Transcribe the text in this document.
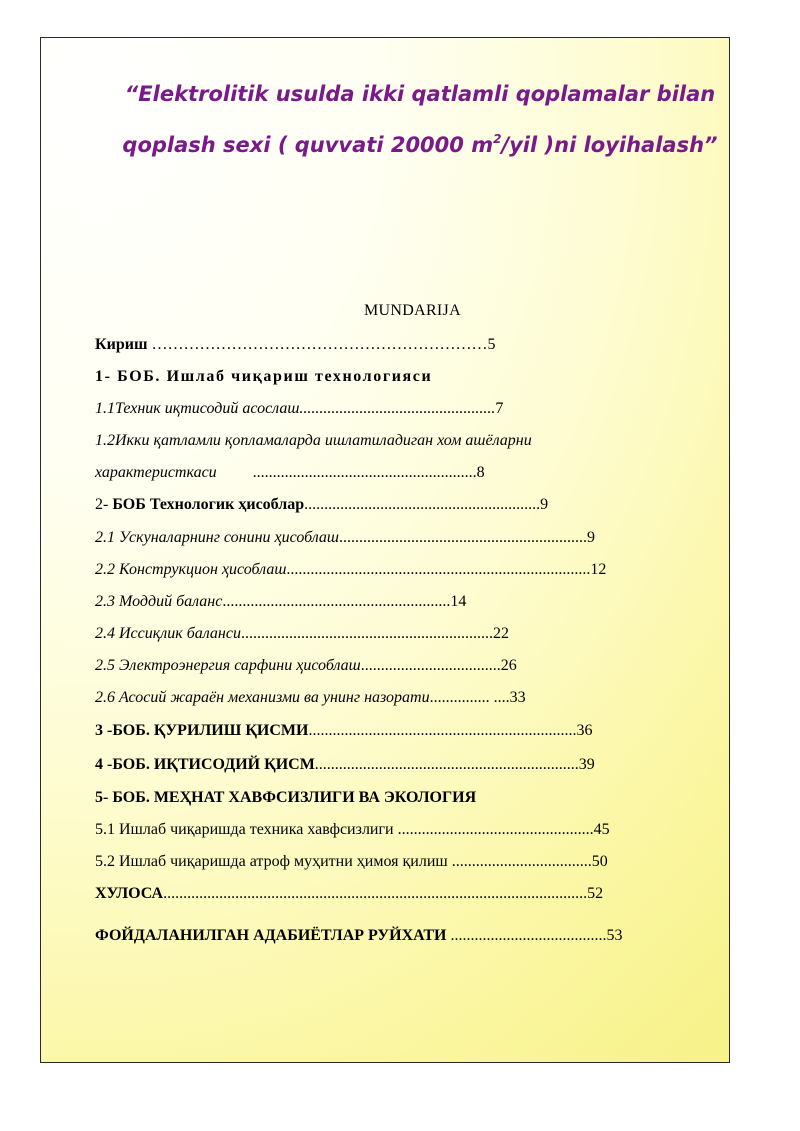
“Elektrolitik usulda ikki qatlamli qoplamalar bilan
qoplash sexi ( quvvati 20000 $m^2$/yil )ni loyihalash”
MUNDARIJA
Кириш ………………………………………………………5
1- БОБ. Ишлаб чиқариш технологияси
1.1Техник иқтисодий асослаш.................................................7
1.2Икки қатламли қопламаларда ишлатиладиган хом ашёларни
характеристкаси ........................................................8
2- БОБ Технологик ҳисоблар...........................................................9
2.1 Ускуналарнинг сонини ҳисоблаш..............................................................9
2.2 Конструкцион ҳисоблаш............................................................................12
2.3 Моддий баланс.........................................................14
2.4 Иссиқлик баланси...............................................................22
2.5 Электроэнергия сарфини ҳисоблаш...................................26
2.6 Асосий жараён механизми ва унинг назорати............... ....33
3 -БОБ. ҚУРИЛИШ ҚИСМИ...................................................................36
4 -БОБ. ИҚТИСОДИЙ ҚИСМ..................................................................39
5- БОБ. МЕҲНАТ ХАВФСИЗЛИГИ ВА ЭКОЛОГИЯ
5.1 Ишлаб чиқаришда техника хавфсизлиги .................................................45
5.2 Ишлаб чиқаришда атроф муҳитни ҳимоя қилиш ...................................50
ХУЛОСА..........................................................................................................52
ФОЙДАЛАНИЛГАН АДАБИЁТЛАР РУЙХАТИ .......................................53
